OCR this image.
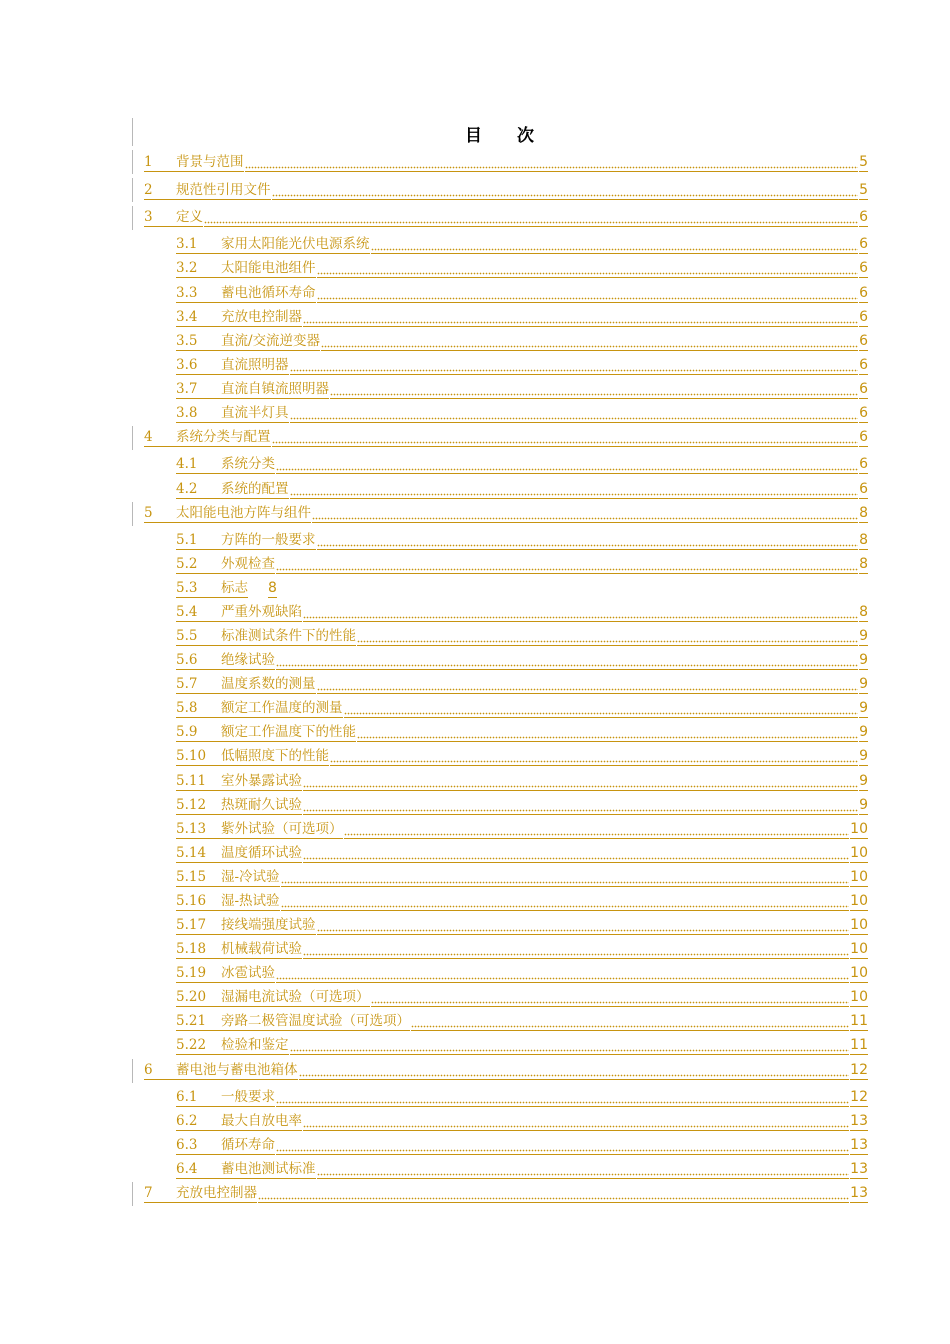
目 次
1	背景与范围	5
2	规范性引用文件	5
3	定义	6
3.1	家用太阳能光伏电源系统	6
3.2	太阳能电池组件	6
3.3	蓄电池循环寿命	6
3.4	充放电控制器	6
3.5	直流/交流逆变器	6
3.6	直流照明器	6
3.7	直流自镇流照明器	6
3.8	直流半灯具	6
4	系统分类与配置	6
4.1	系统分类	6
4.2	系统的配置	6
5	太阳能电池方阵与组件	8
5.1	方阵的一般要求	8
5.2	外观检查	8
5.3	标志 8
5.4	严重外观缺陷	8
5.5	标准测试条件下的性能	9
5.6	绝缘试验	9
5.7	温度系数的测量	9
5.8	额定工作温度的测量	9
5.9	额定工作温度下的性能	9
5.10	低幅照度下的性能	9
5.11	室外暴露试验	9
5.12	热斑耐久试验	9
5.13	紫外试验（可选项）	10
5.14	温度循环试验	10
5.15	湿-冷试验	10
5.16	湿-热试验	10
5.17	接线端强度试验	10
5.18	机械载荷试验	10
5.19	冰雹试验	10
5.20	湿漏电流试验（可选项）	10
5.21	旁路二极管温度试验（可选项）	11
5.22	检验和鉴定	11
6	蓄电池与蓄电池箱体	12
6.1	一般要求	12
6.2	最大自放电率	13
6.3	循环寿命	13
6.4	蓄电池测试标准	13
7	充放电控制器	13
